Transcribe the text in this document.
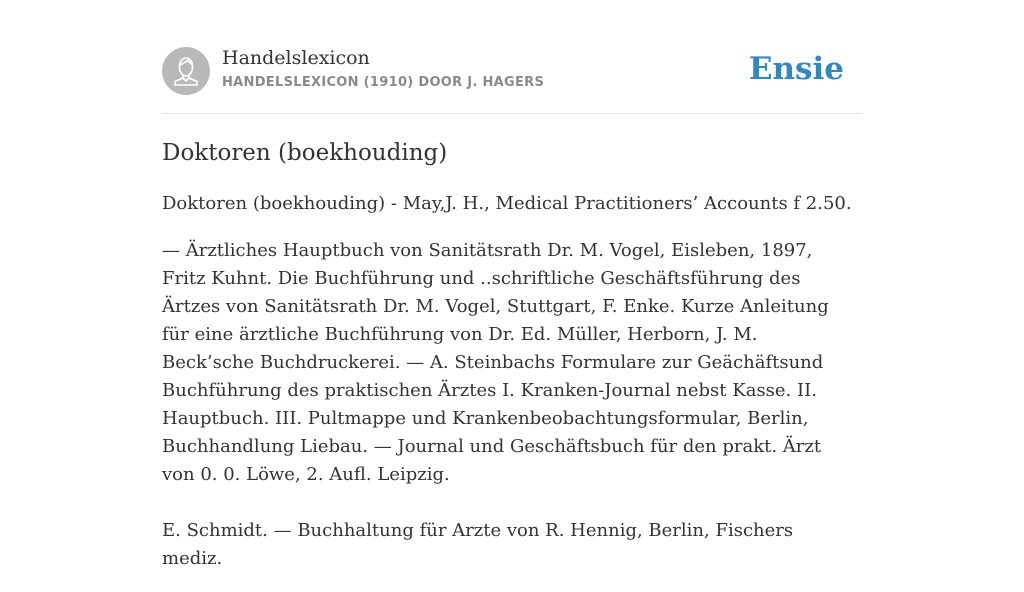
Handelslexicon
HANDELSLEXICON (1910) DOOR J. HAGERS	Ensie
Doktoren (boekhouding)

Doktoren (boekhouding) - May,J. H., Medical Practitioners’ Accounts f 2.50.

— Ärztliches Hauptbuch von Sanitätsrath Dr. M. Vogel, Eisleben, 1897, Fritz Kuhnt. Die Buchführung und ..schriftliche Geschäftsführung des Ärtzes von Sanitätsrath Dr. M. Vogel, Stuttgart, F. Enke. Kurze Anleitung für eine ärztliche Buchführung von Dr. Ed. Müller, Herborn, J. M. Beck’sche Buchdruckerei. — A. Steinbachs Formulare zur Geächäftsund Buchführung des praktischen Ärztes I. Kranken-Journal nebst Kasse. II. Hauptbuch. III. Pultmappe und Krankenbeobachtungsformular, Berlin, Buchhandlung Liebau. — Journal und Geschäftsbuch für den prakt. Ärzt von 0. 0. Löwe, 2. Aufl. Leipzig.

E. Schmidt. — Buchhaltung für Arzte von R. Hennig, Berlin, Fischers mediz.
